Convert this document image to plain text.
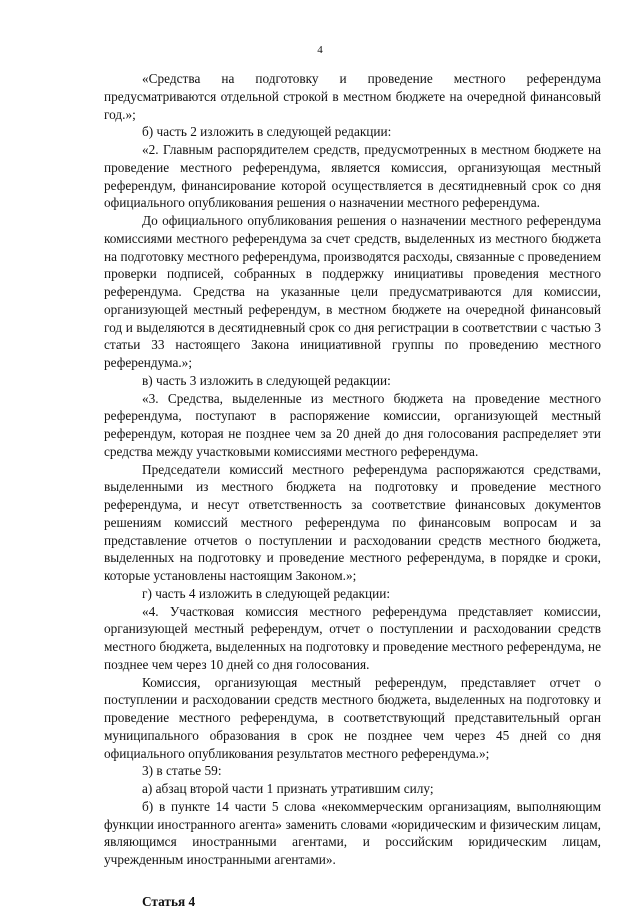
4

«Средства на подготовку и проведение местного референдума предусматриваются отдельной строкой в местном бюджете на очередной финансовый год.»;

б) часть 2 изложить в следующей редакции:

«2. Главным распорядителем средств, предусмотренных в местном бюджете на проведение местного референдума, является комиссия, организующая местный референдум, финансирование которой осуществляется в десятидневный срок со дня официального опубликования решения о назначении местного референдума.

До официального опубликования решения о назначении местного референдума комиссиями местного референдума за счет средств, выделенных из местного бюджета на подготовку местного референдума, производятся расходы, связанные с проведением проверки подписей, собранных в поддержку инициативы проведения местного референдума. Средства на указанные цели предусматриваются для комиссии, организующей местный референдум, в местном бюджете на очередной финансовый год и выделяются в десятидневный срок со дня регистрации в соответствии с частью 3 статьи 33 настоящего Закона инициативной группы по проведению местного референдума.»;

в) часть 3 изложить в следующей редакции:

«3. Средства, выделенные из местного бюджета на проведение местного референдума, поступают в распоряжение комиссии, организующей местный референдум, которая не позднее чем за 20 дней до дня голосования распределяет эти средства между участковыми комиссиями местного референдума.

Председатели комиссий местного референдума распоряжаются средствами, выделенными из местного бюджета на подготовку и проведение местного референдума, и несут ответственность за соответствие финансовых документов решениям комиссий местного референдума по финансовым вопросам и за представление отчетов о поступлении и расходовании средств местного бюджета, выделенных на подготовку и проведение местного референдума, в порядке и сроки, которые установлены настоящим Законом.»;

г) часть 4 изложить в следующей редакции:

«4. Участковая комиссия местного референдума представляет комиссии, организующей местный референдум, отчет о поступлении и расходовании средств местного бюджета, выделенных на подготовку и проведение местного референдума, не позднее чем через 10 дней со дня голосования.

Комиссия, организующая местный референдум, представляет отчет о поступлении и расходовании средств местного бюджета, выделенных на подготовку и проведение местного референдума, в соответствующий представительный орган муниципального образования в срок не позднее чем через 45 дней со дня официального опубликования результатов местного референдума.»;

3) в статье 59:

а) абзац второй части 1 признать утратившим силу;

б) в пункте 14 части 5 слова «некоммерческим организациям, выполняющим функции иностранного агента» заменить словами «юридическим и физическим лицам, являющимся иностранными агентами, и российским юридическим лицам, учрежденным иностранными агентами».

Статья 4
